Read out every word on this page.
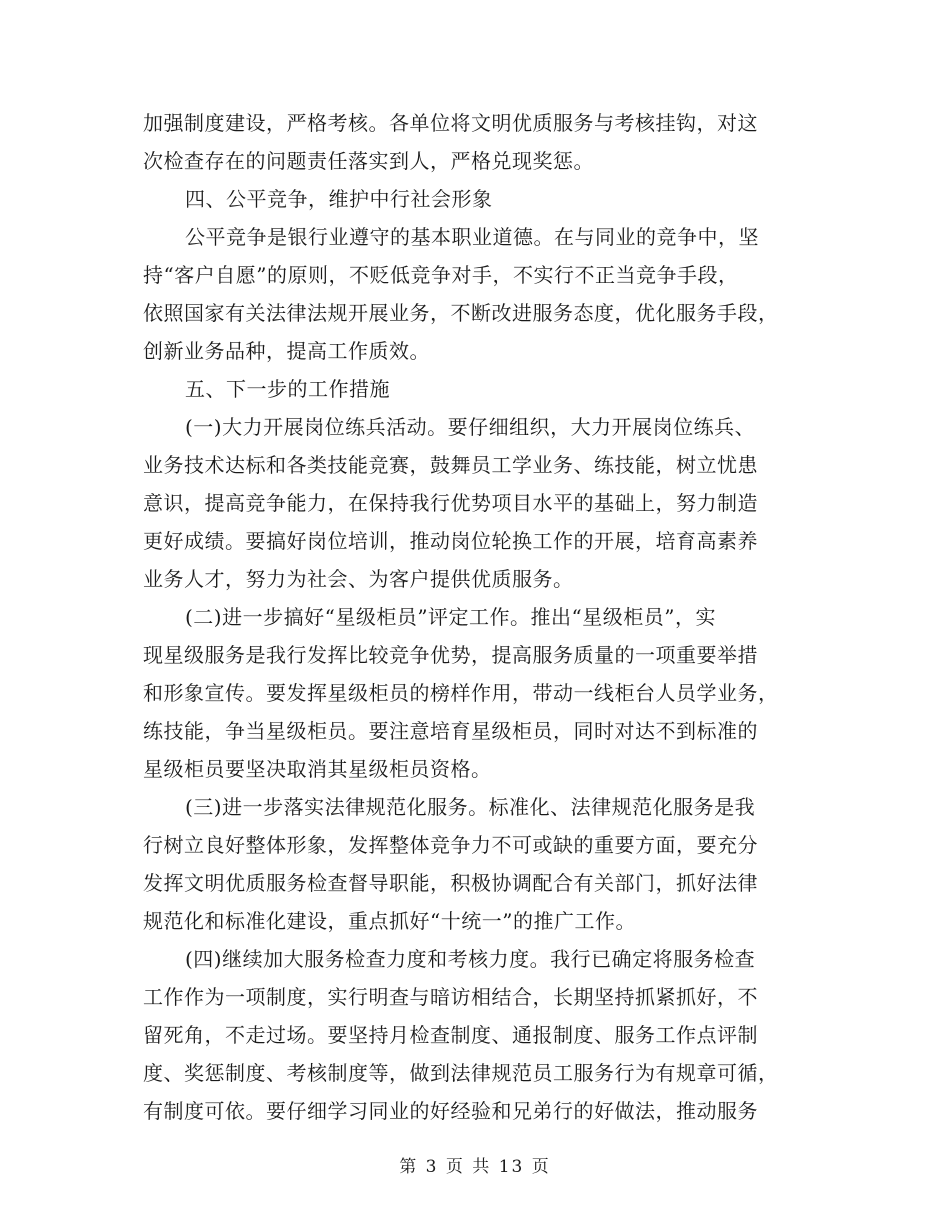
加强制度建设，严格考核。各单位将文明优质服务与考核挂钩，对这
次检查存在的问题责任落实到人，严格兑现奖惩。

四、公平竞争，维护中行社会形象

公平竞争是银行业遵守的基本职业道德。在与同业的竞争中，坚
持“客户自愿”的原则，不贬低竞争对手，不实行不正当竞争手段，
依照国家有关法律法规开展业务，不断改进服务态度，优化服务手段，
创新业务品种，提高工作质效。

五、下一步的工作措施

(一)大力开展岗位练兵活动。要仔细组织，大力开展岗位练兵、
业务技术达标和各类技能竞赛，鼓舞员工学业务、练技能，树立忧患
意识，提高竞争能力，在保持我行优势项目水平的基础上，努力制造
更好成绩。要搞好岗位培训，推动岗位轮换工作的开展，培育高素养
业务人才，努力为社会、为客户提供优质服务。

(二)进一步搞好“星级柜员”评定工作。推出“星级柜员”，实
现星级服务是我行发挥比较竞争优势，提高服务质量的一项重要举措
和形象宣传。要发挥星级柜员的榜样作用，带动一线柜台人员学业务，
练技能，争当星级柜员。要注意培育星级柜员，同时对达不到标准的
星级柜员要坚决取消其星级柜员资格。

(三)进一步落实法律规范化服务。标准化、法律规范化服务是我
行树立良好整体形象，发挥整体竞争力不可或缺的重要方面，要充分
发挥文明优质服务检查督导职能，积极协调配合有关部门，抓好法律
规范化和标准化建设，重点抓好“十统一”的推广工作。

(四)继续加大服务检查力度和考核力度。我行已确定将服务检查
工作作为一项制度，实行明查与暗访相结合，长期坚持抓紧抓好，不
留死角，不走过场。要坚持月检查制度、通报制度、服务工作点评制
度、奖惩制度、考核制度等，做到法律规范员工服务行为有规章可循，
有制度可依。要仔细学习同业的好经验和兄弟行的好做法，推动服务

第 3 页 共 13 页
